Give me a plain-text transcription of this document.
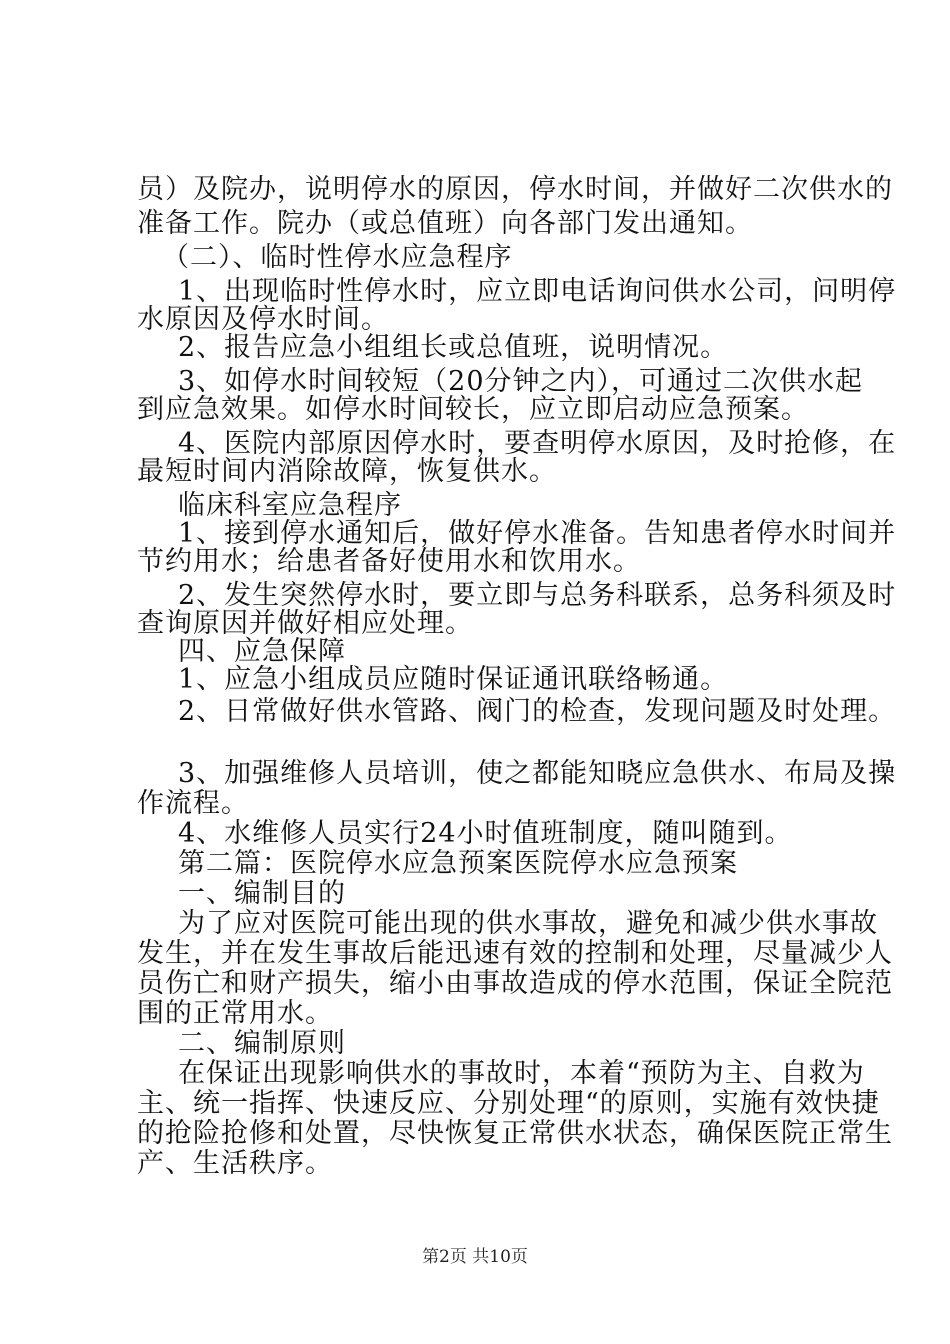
员）及院办，说明停水的原因，停水时间，并做好二次供水的
准备工作。院办（或总值班）向各部门发出通知。
（二）、临时性停水应急程序
1、出现临时性停水时，应立即电话询问供水公司，问明停
水原因及停水时间。
2、报告应急小组组长或总值班，说明情况。
3、如停水时间较短（20分钟之内），可通过二次供水起
到应急效果。如停水时间较长，应立即启动应急预案。
4、医院内部原因停水时，要查明停水原因，及时抢修，在
最短时间内消除故障，恢复供水。
临床科室应急程序
1、接到停水通知后，做好停水准备。告知患者停水时间并
节约用水；给患者备好使用水和饮用水。
2、发生突然停水时，要立即与总务科联系，总务科须及时
查询原因并做好相应处理。
四、应急保障
1、应急小组成员应随时保证通讯联络畅通。
2、日常做好供水管路、阀门的检查，发现问题及时处理。
3、加强维修人员培训，使之都能知晓应急供水、布局及操
作流程。
4、水维修人员实行24小时值班制度，随叫随到。
第二篇：医院停水应急预案医院停水应急预案
一、编制目的
为了应对医院可能出现的供水事故，避免和减少供水事故
发生，并在发生事故后能迅速有效的控制和处理，尽量减少人
员伤亡和财产损失，缩小由事故造成的停水范围，保证全院范
围的正常用水。
二、编制原则
在保证出现影响供水的事故时，本着“预防为主、自救为
主、统一指挥、快速反应、分别处理“的原则，实施有效快捷
的抢险抢修和处置，尽快恢复正常供水状态，确保医院正常生
产、生活秩序。
第2页 共10页
